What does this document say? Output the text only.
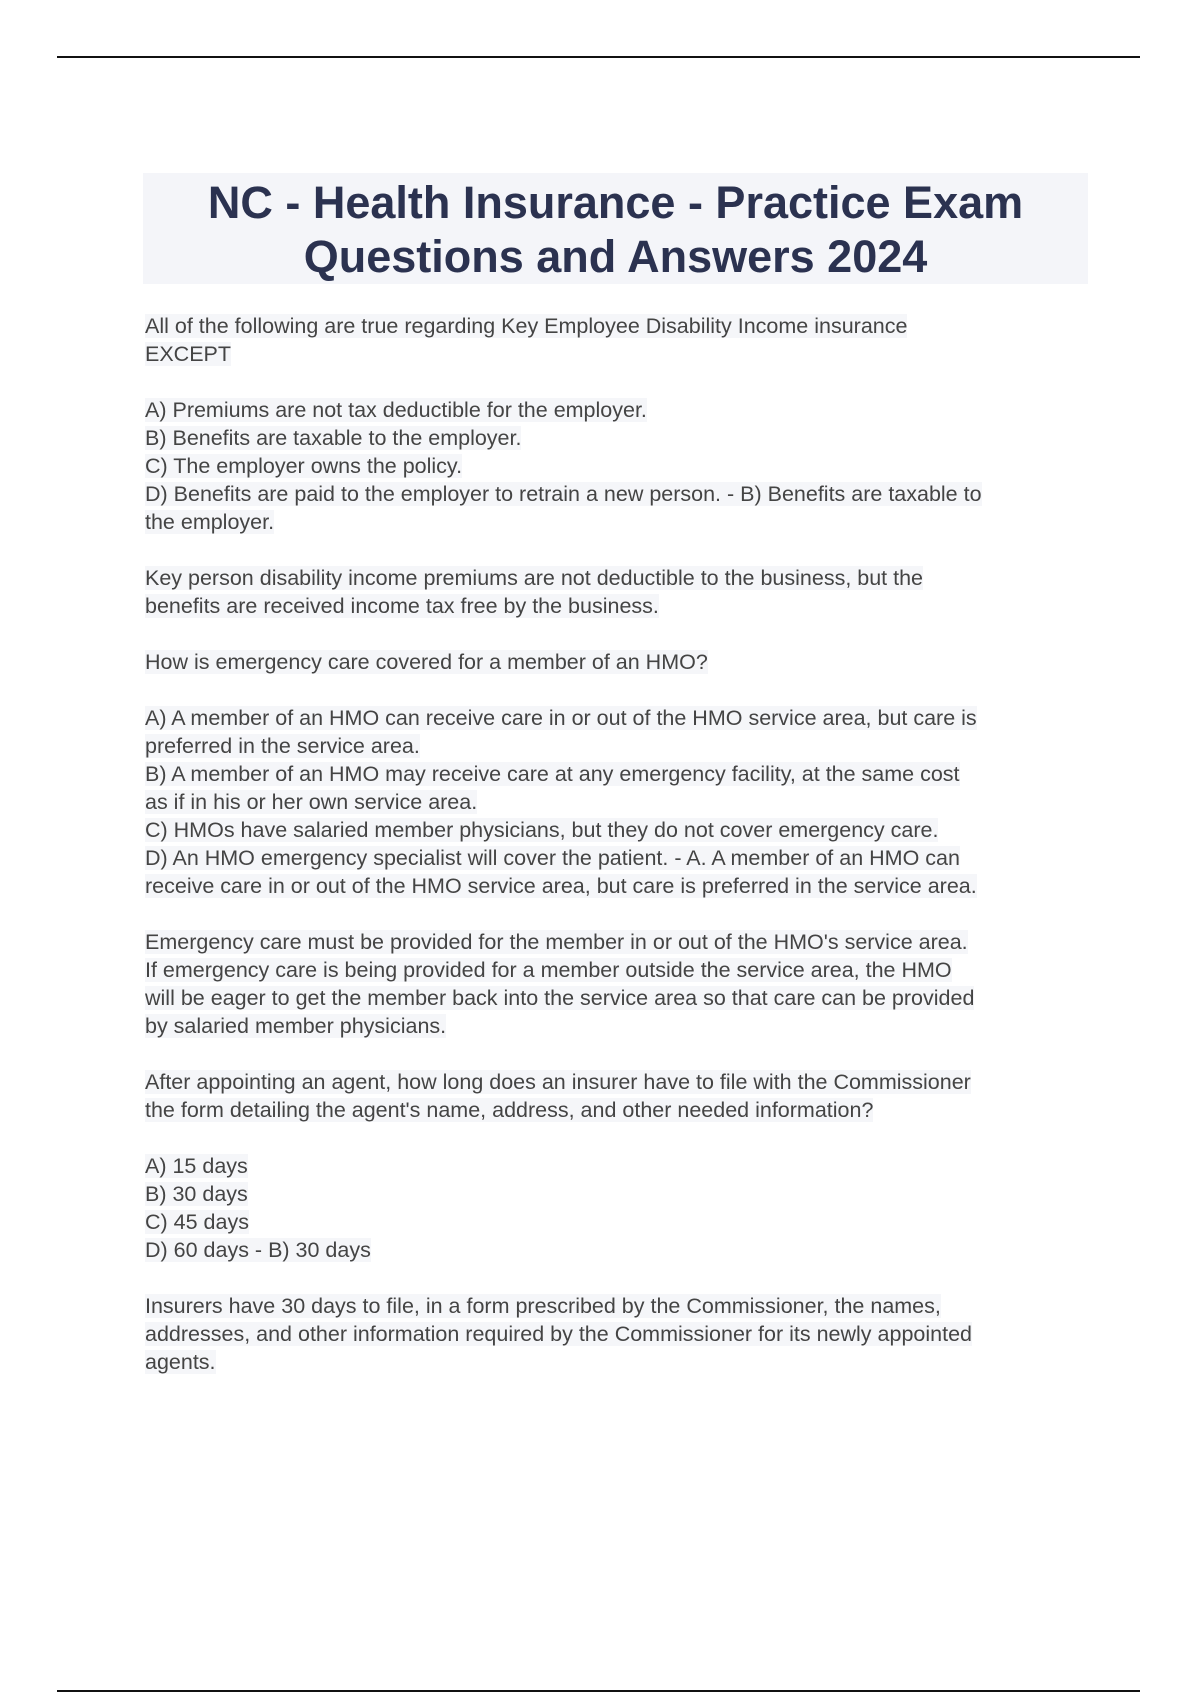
NC - Health Insurance - Practice Exam
Questions and Answers 2024
All of the following are true regarding Key Employee Disability Income insurance
EXCEPT
A) Premiums are not tax deductible for the employer.
B) Benefits are taxable to the employer.
C) The employer owns the policy.
D) Benefits are paid to the employer to retrain a new person. - B) Benefits are taxable to
the employer.
Key person disability income premiums are not deductible to the business, but the
benefits are received income tax free by the business.
How is emergency care covered for a member of an HMO?
A) A member of an HMO can receive care in or out of the HMO service area, but care is
preferred in the service area.
B) A member of an HMO may receive care at any emergency facility, at the same cost
as if in his or her own service area.
C) HMOs have salaried member physicians, but they do not cover emergency care.
D) An HMO emergency specialist will cover the patient. - A. A member of an HMO can
receive care in or out of the HMO service area, but care is preferred in the service area.
Emergency care must be provided for the member in or out of the HMO's service area.
If emergency care is being provided for a member outside the service area, the HMO
will be eager to get the member back into the service area so that care can be provided
by salaried member physicians.
After appointing an agent, how long does an insurer have to file with the Commissioner
the form detailing the agent's name, address, and other needed information?
A) 15 days
B) 30 days
C) 45 days
D) 60 days - B) 30 days
Insurers have 30 days to file, in a form prescribed by the Commissioner, the names,
addresses, and other information required by the Commissioner for its newly appointed
agents.
